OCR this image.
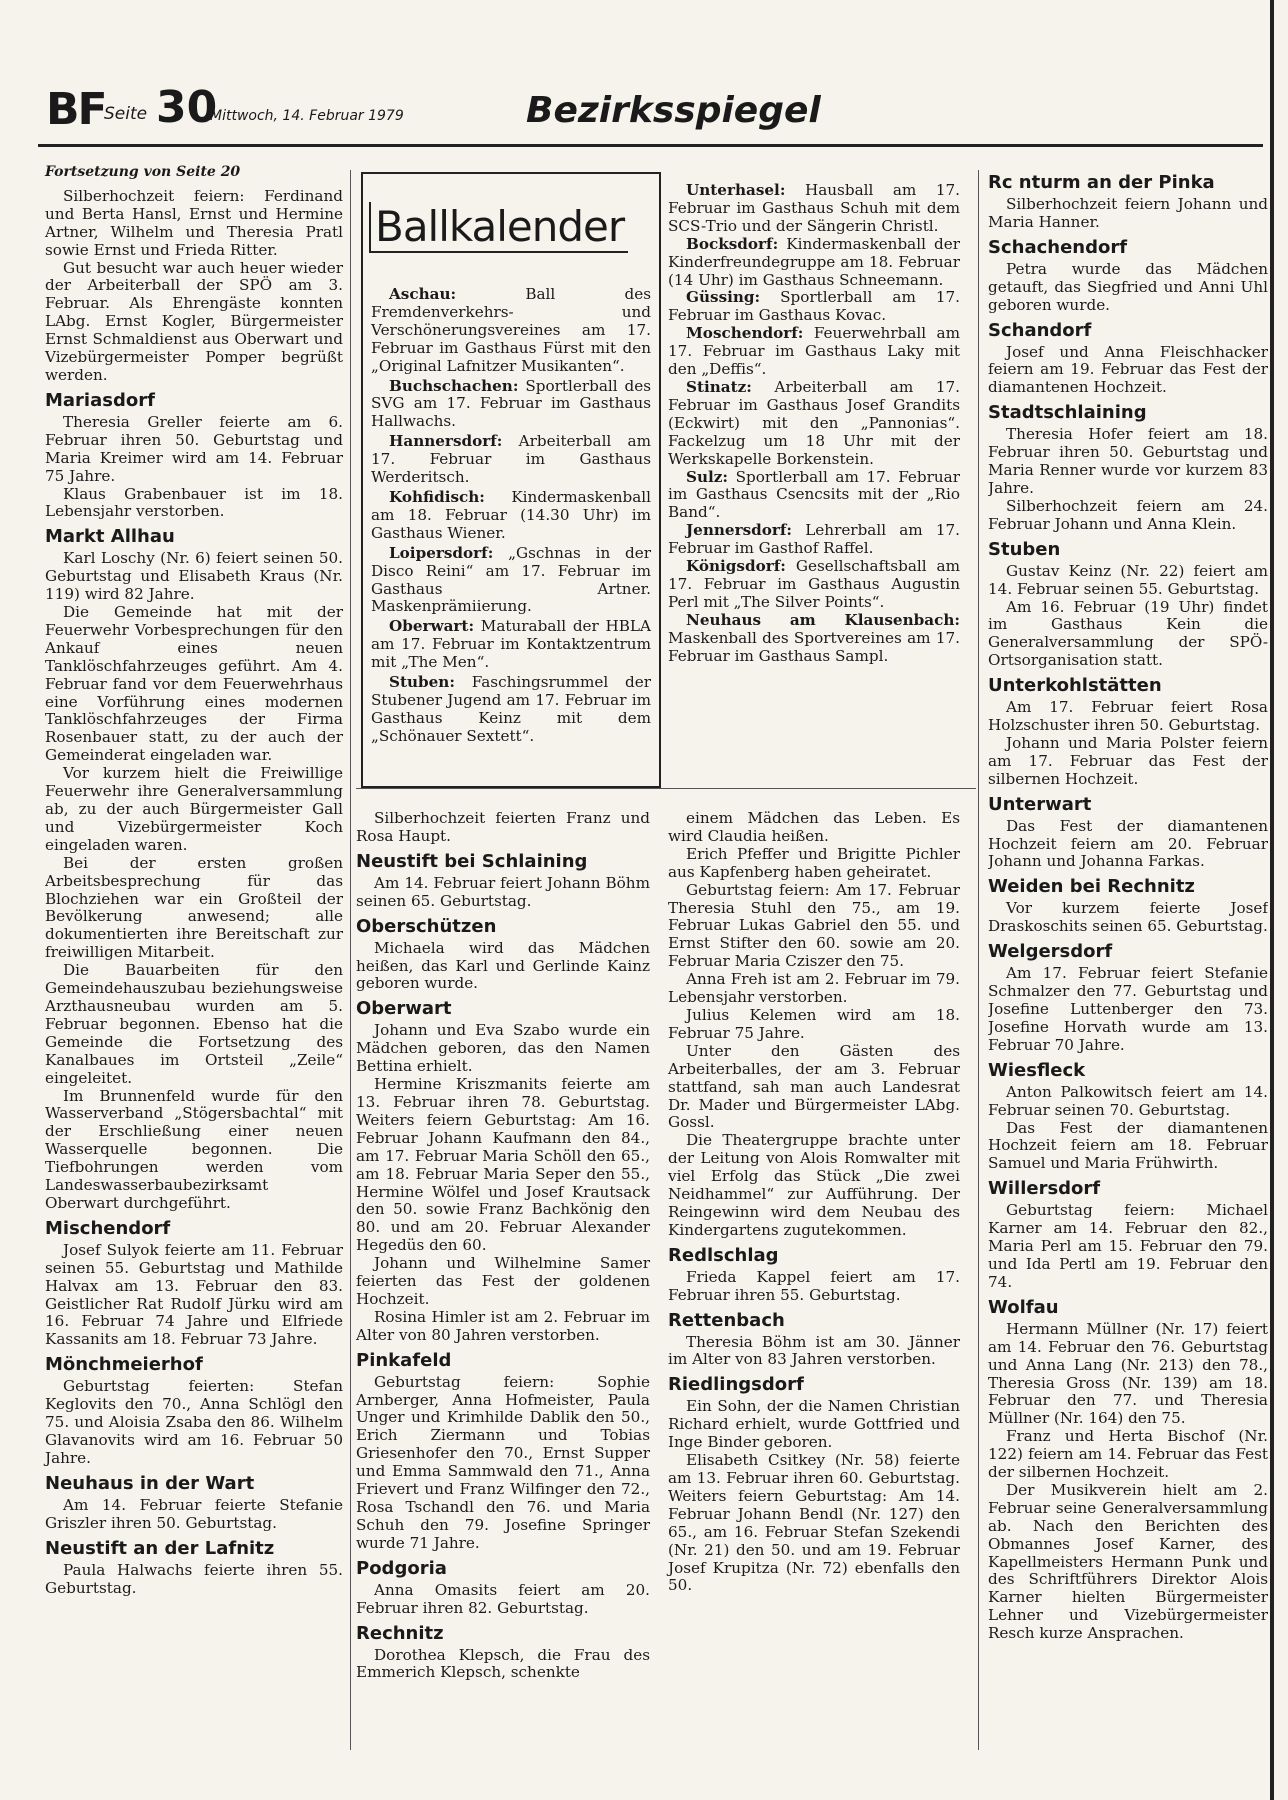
BF
Seite 30
Mittwoch, 14. Februar 1979	Bezirksspiegel

Fortsetzung von Seite 20

Silberhochzeit feiern: Ferdinand und Berta Hansl, Ernst und Hermine Artner, Wilhelm und Theresia Pratl sowie Ernst und Frieda Ritter.

Gut besucht war auch heuer wieder der Arbeiterball der SPÖ am 3. Februar. Als Ehrengäste konnten LAbg. Ernst Kogler, Bürgermeister Ernst Schmaldienst aus Oberwart und Vizebürgermeister Pomper begrüßt werden.

Mariasdorf

Theresia Greller feierte am 6. Februar ihren 50. Geburtstag und Maria Kreimer wird am 14. Februar 75 Jahre.

Klaus Grabenbauer ist im 18. Lebensjahr verstorben.

Markt Allhau

Karl Loschy (Nr. 6) feiert seinen 50. Geburtstag und Elisabeth Kraus (Nr. 119) wird 82 Jahre.

Die Gemeinde hat mit der Feuerwehr Vorbesprechungen für den Ankauf eines neuen Tanklöschfahrzeuges geführt. Am 4. Februar fand vor dem Feuerwehrhaus eine Vorführung eines modernen Tanklöschfahrzeuges der Firma Rosenbauer statt, zu der auch der Gemeinderat eingeladen war.

Vor kurzem hielt die Freiwillige Feuerwehr ihre Generalversammlung ab, zu der auch Bürgermeister Gall und Vizebürgermeister Koch eingeladen waren.

Bei der ersten großen Arbeitsbesprechung für das Blochziehen war ein Großteil der Bevölkerung anwesend; alle dokumentierten ihre Bereitschaft zur freiwilligen Mitarbeit.

Die Bauarbeiten für den Gemeindehauszubau beziehungsweise Arzthausneubau wurden am 5. Februar begonnen. Ebenso hat die Gemeinde die Fortsetzung des Kanalbaues im Ortsteil „Zeile“ eingeleitet.

Im Brunnenfeld wurde für den Wasserverband „Stögersbachtal“ mit der Erschließung einer neuen Wasserquelle begonnen. Die Tiefbohrungen werden vom Landeswasserbaubezirksamt Oberwart durchgeführt.

Mischendorf

Josef Sulyok feierte am 11. Februar seinen 55. Geburtstag und Mathilde Halvax am 13. Februar den 83. Geistlicher Rat Rudolf Jürku wird am 16. Februar 74 Jahre und Elfriede Kassanits am 18. Februar 73 Jahre.

Mönchmeierhof

Geburtstag feierten: Stefan Keglovits den 70., Anna Schlögl den 75. und Aloisia Zsaba den 86. Wilhelm Glavanovits wird am 16. Februar 50 Jahre.

Neuhaus in der Wart

Am 14. Februar feierte Stefanie Griszler ihren 50. Geburtstag.

Neustift an der Lafnitz

Paula Halwachs feierte ihren 55. Geburtstag.

Ballkalender

Aschau: Ball des Fremdenverkehrs- und Verschönerungsvereines am 17. Februar im Gasthaus Fürst mit den „Original Lafnitzer Musikanten“.

Buchschachen: Sportlerball des SVG am 17. Februar im Gasthaus Hallwachs.

Hannersdorf: Arbeiterball am 17. Februar im Gasthaus Werderitsch.

Kohfidisch: Kindermaskenball am 18. Februar (14.30 Uhr) im Gasthaus Wiener.

Loipersdorf: „Gschnas in der Disco Reini“ am 17. Februar im Gasthaus Artner. Maskenprämiierung.

Oberwart: Maturaball der HBLA am 17. Februar im Kontaktzentrum mit „The Men“.

Stuben: Faschingsrummel der Stubener Jugend am 17. Februar im Gasthaus Keinz mit dem „Schönauer Sextett“.

Unterhasel: Hausball am 17. Februar im Gasthaus Schuh mit dem SCS-Trio und der Sängerin Christl.

Bocksdorf: Kindermaskenball der Kinderfreundegruppe am 18. Februar (14 Uhr) im Gasthaus Schneemann.

Güssing: Sportlerball am 17. Februar im Gasthaus Kovac.

Moschendorf: Feuerwehrball am 17. Februar im Gasthaus Laky mit den „Deffis“.

Stinatz: Arbeiterball am 17. Februar im Gasthaus Josef Grandits (Eckwirt) mit den „Pannonias“. Fackelzug um 18 Uhr mit der Werkskapelle Borkenstein.

Sulz: Sportlerball am 17. Februar im Gasthaus Csencsits mit der „Rio Band“.

Jennersdorf: Lehrerball am 17. Februar im Gasthof Raffel.

Königsdorf: Gesellschaftsball am 17. Februar im Gasthaus Augustin Perl mit „The Silver Points“.

Neuhaus am Klausenbach: Maskenball des Sportvereines am 17. Februar im Gasthaus Sampl.

Silberhochzeit feierten Franz und Rosa Haupt.

Neustift bei Schlaining

Am 14. Februar feiert Johann Böhm seinen 65. Geburtstag.

Oberschützen

Michaela wird das Mädchen heißen, das Karl und Gerlinde Kainz geboren wurde.

Oberwart

Johann und Eva Szabo wurde ein Mädchen geboren, das den Namen Bettina erhielt.

Hermine Kriszmanits feierte am 13. Februar ihren 78. Geburtstag. Weiters feiern Geburtstag: Am 16. Februar Johann Kaufmann den 84., am 17. Februar Maria Schöll den 65., am 18. Februar Maria Seper den 55., Hermine Wölfel und Josef Krautsack den 50. sowie Franz Bachkönig den 80. und am 20. Februar Alexander Hegedüs den 60.

Johann und Wilhelmine Samer feierten das Fest der goldenen Hochzeit.

Rosina Himler ist am 2. Februar im Alter von 80 Jahren verstorben.

Pinkafeld

Geburtstag feiern: Sophie Arnberger, Anna Hofmeister, Paula Unger und Krimhilde Dablik den 50., Erich Ziermann und Tobias Griesenhofer den 70., Ernst Supper und Emma Sammwald den 71., Anna Frievert und Franz Wilfinger den 72., Rosa Tschandl den 76. und Maria Schuh den 79. Josefine Springer wurde 71 Jahre.

Podgoria

Anna Omasits feiert am 20. Februar ihren 82. Geburtstag.

Rechnitz

Dorothea Klepsch, die Frau des Emmerich Klepsch, schenkte

einem Mädchen das Leben. Es wird Claudia heißen.

Erich Pfeffer und Brigitte Pichler aus Kapfenberg haben geheiratet.

Geburtstag feiern: Am 17. Februar Theresia Stuhl den 75., am 19. Februar Lukas Gabriel den 55. und Ernst Stifter den 60. sowie am 20. Februar Maria Cziszer den 75.

Anna Freh ist am 2. Februar im 79. Lebensjahr verstorben.

Julius Kelemen wird am 18. Februar 75 Jahre.

Unter den Gästen des Arbeiterballes, der am 3. Februar stattfand, sah man auch Landesrat Dr. Mader und Bürgermeister LAbg. Gossl.

Die Theatergruppe brachte unter der Leitung von Alois Romwalter mit viel Erfolg das Stück „Die zwei Neidhammel“ zur Aufführung. Der Reingewinn wird dem Neubau des Kindergartens zugutekommen.

Redlschlag

Frieda Kappel feiert am 17. Februar ihren 55. Geburtstag.

Rettenbach

Theresia Böhm ist am 30. Jänner im Alter von 83 Jahren verstorben.

Riedlingsdorf

Ein Sohn, der die Namen Christian Richard erhielt, wurde Gottfried und Inge Binder geboren.

Elisabeth Csitkey (Nr. 58) feierte am 13. Februar ihren 60. Geburtstag. Weiters feiern Geburtstag: Am 14. Februar Johann Bendl (Nr. 127) den 65., am 16. Februar Stefan Szekendi (Nr. 21) den 50. und am 19. Februar Josef Krupitza (Nr. 72) ebenfalls den 50.

Rc nturm an der Pinka

Silberhochzeit feiern Johann und Maria Hanner.

Schachendorf

Petra wurde das Mädchen getauft, das Siegfried und Anni Uhl geboren wurde.

Schandorf

Josef und Anna Fleischhacker feiern am 19. Februar das Fest der diamantenen Hochzeit.

Stadtschlaining

Theresia Hofer feiert am 18. Februar ihren 50. Geburtstag und Maria Renner wurde vor kurzem 83 Jahre.

Silberhochzeit feiern am 24. Februar Johann und Anna Klein.

Stuben

Gustav Keinz (Nr. 22) feiert am 14. Februar seinen 55. Geburtstag.

Am 16. Februar (19 Uhr) findet im Gasthaus Kein die Generalversammlung der SPÖ-Ortsorganisation statt.

Unterkohlstätten

Am 17. Februar feiert Rosa Holzschuster ihren 50. Geburtstag.

Johann und Maria Polster feiern am 17. Februar das Fest der silbernen Hochzeit.

Unterwart

Das Fest der diamantenen Hochzeit feiern am 20. Februar Johann und Johanna Farkas.

Weiden bei Rechnitz

Vor kurzem feierte Josef Draskoschits seinen 65. Geburtstag.

Welgersdorf

Am 17. Februar feiert Stefanie Schmalzer den 77. Geburtstag und Josefine Luttenberger den 73. Josefine Horvath wurde am 13. Februar 70 Jahre.

Wiesfleck

Anton Palkowitsch feiert am 14. Februar seinen 70. Geburtstag.

Das Fest der diamantenen Hochzeit feiern am 18. Februar Samuel und Maria Frühwirth.

Willersdorf

Geburtstag feiern: Michael Karner am 14. Februar den 82., Maria Perl am 15. Februar den 79. und Ida Pertl am 19. Februar den 74.

Wolfau

Hermann Müllner (Nr. 17) feiert am 14. Februar den 76. Geburtstag und Anna Lang (Nr. 213) den 78., Theresia Gross (Nr. 139) am 18. Februar den 77. und Theresia Müllner (Nr. 164) den 75.

Franz und Herta Bischof (Nr. 122) feiern am 14. Februar das Fest der silbernen Hochzeit.

Der Musikverein hielt am 2. Februar seine Generalversammlung ab. Nach den Berichten des Obmannes Josef Karner, des Kapellmeisters Hermann Punk und des Schriftführers Direktor Alois Karner hielten Bürgermeister Lehner und Vizebürgermeister Resch kurze Ansprachen.
